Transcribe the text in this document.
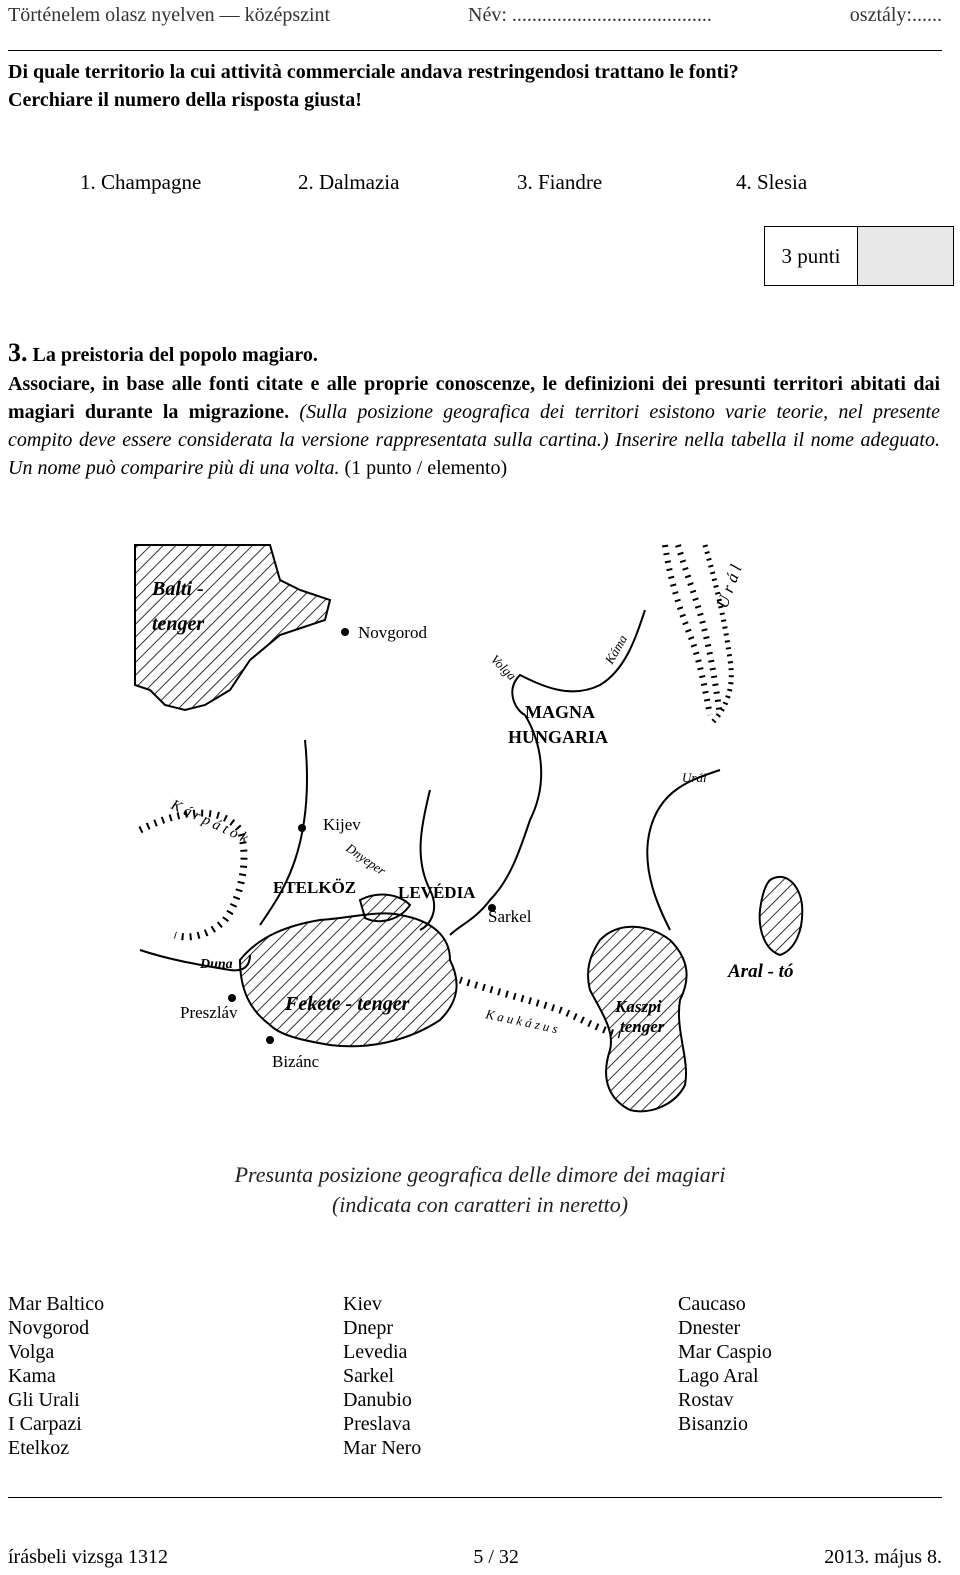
Történelem olasz nyelven — középszint	Név: ........................................	osztály:......
Di quale territorio la cui attività commerciale andava restringendosi trattano le fonti?
Cerchiare il numero della risposta giusta!
1. Champagne	2. Dalmazia	3. Fiandre	4. Slesia
3 punti
3. La preistoria del popolo magiaro.
Associare, in base alle fonti citate e alle proprie conoscenze, le definizioni dei presunti territori abitati dai magiari durante la migrazione. (Sulla posizione geografica dei territori esistono varie teorie, nel presente compito deve essere considerata la versione rappresentata sulla cartina.) Inserire nella tabella il nome adeguato. Un nome può comparire più di una volta. (1 punto / elemento)
Balti -
tenger	Novgorod
U r á l
Káma
Volga
MAGNA
HUNGARIA
Urál
K á r p á t o k	Kijev
Dnyeper
ETELKÖZ LEVÉDIA
Sarkel
Duna	Aral - tó
Preszláv Fekete - tenger
K a u k á z u s	Kaszpi
tenger
Bizánc
Presunta posizione geografica delle dimore dei magiari
(indicata con caratteri in neretto)
Mar Baltico
Novgorod
Volga
Kama
Gli Urali
I Carpazi
Etelkoz
Kiev
Dnepr
Levedia
Sarkel
Danubio
Preslava
Mar Nero
Caucaso
Dnester
Mar Caspio
Lago Aral
Rostav
Bisanzio
írásbeli vizsga 1312	5 / 32	2013. május 8.
